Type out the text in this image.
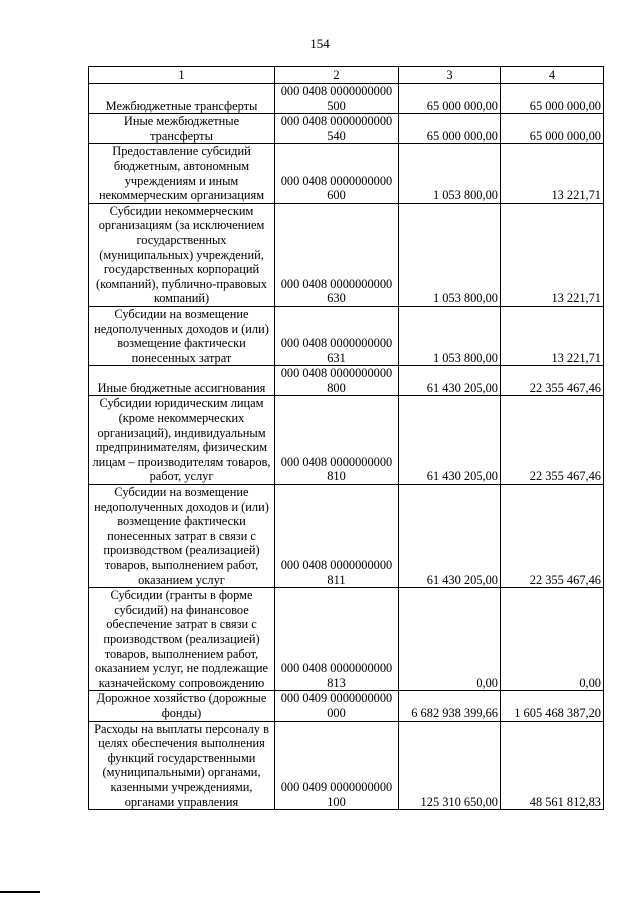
154
1	2	3	4
Межбюджетные трансферты	000 0408 0000000000 500	65 000 000,00	65 000 000,00
Иные межбюджетные трансферты	000 0408 0000000000 540	65 000 000,00	65 000 000,00
Предоставление субсидий бюджетным, автономным учреждениям и иным некоммерческим организациям	000 0408 0000000000 600	1 053 800,00	13 221,71
Субсидии некоммерческим организациям (за исключением государственных (муниципальных) учреждений, государственных корпораций (компаний), публично-правовых компаний)	000 0408 0000000000 630	1 053 800,00	13 221,71
Субсидии на возмещение недополученных доходов и (или) возмещение фактически понесенных затрат	000 0408 0000000000 631	1 053 800,00	13 221,71
Иные бюджетные ассигнования	000 0408 0000000000 800	61 430 205,00	22 355 467,46
Субсидии юридическим лицам (кроме некоммерческих организаций), индивидуальным предпринимателям, физическим лицам – производителям товаров, работ, услуг	000 0408 0000000000 810	61 430 205,00	22 355 467,46
Субсидии на возмещение недополученных доходов и (или) возмещение фактически понесенных затрат в связи с производством (реализацией) товаров, выполнением работ, оказанием услуг	000 0408 0000000000 811	61 430 205,00	22 355 467,46
Субсидии (гранты в форме субсидий) на финансовое обеспечение затрат в связи с производством (реализацией) товаров, выполнением работ, оказанием услуг, не подлежащие казначейскому сопровождению	000 0408 0000000000 813	0,00	0,00
Дорожное хозяйство (дорожные фонды)	000 0409 0000000000 000	6 682 938 399,66	1 605 468 387,20
Расходы на выплаты персоналу в целях обеспечения выполнения функций государственными (муниципальными) органами, казенными учреждениями, органами управления	000 0409 0000000000 100	125 310 650,00	48 561 812,83
